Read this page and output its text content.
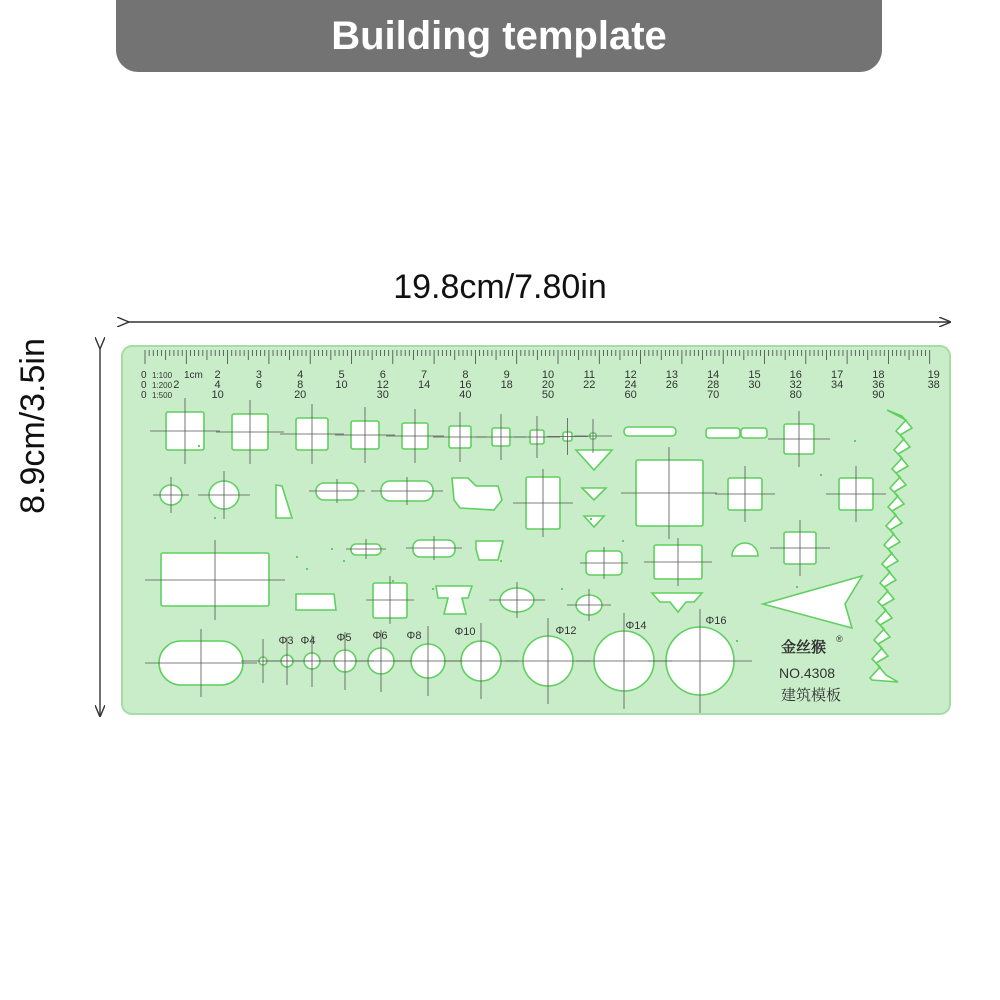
Building template
19.8cm/7.80in
8.9cm/3.5in	0 1:100
0 1:200
0 1:500
1cm 2	3	4	5	6	7	8	9	10	11	12	13	14	15	16	17	18	19
2	4	6	8	10	12	14	16	18	20	22	24	26	28	30	32	34	36	38
10	20	30	40	50	60	70	80	90
Φ3 Φ4 Φ5 Φ6 Φ8	Φ10	Φ12	Φ14	Φ16
金丝猴 ®
NO.4308
建筑模板
